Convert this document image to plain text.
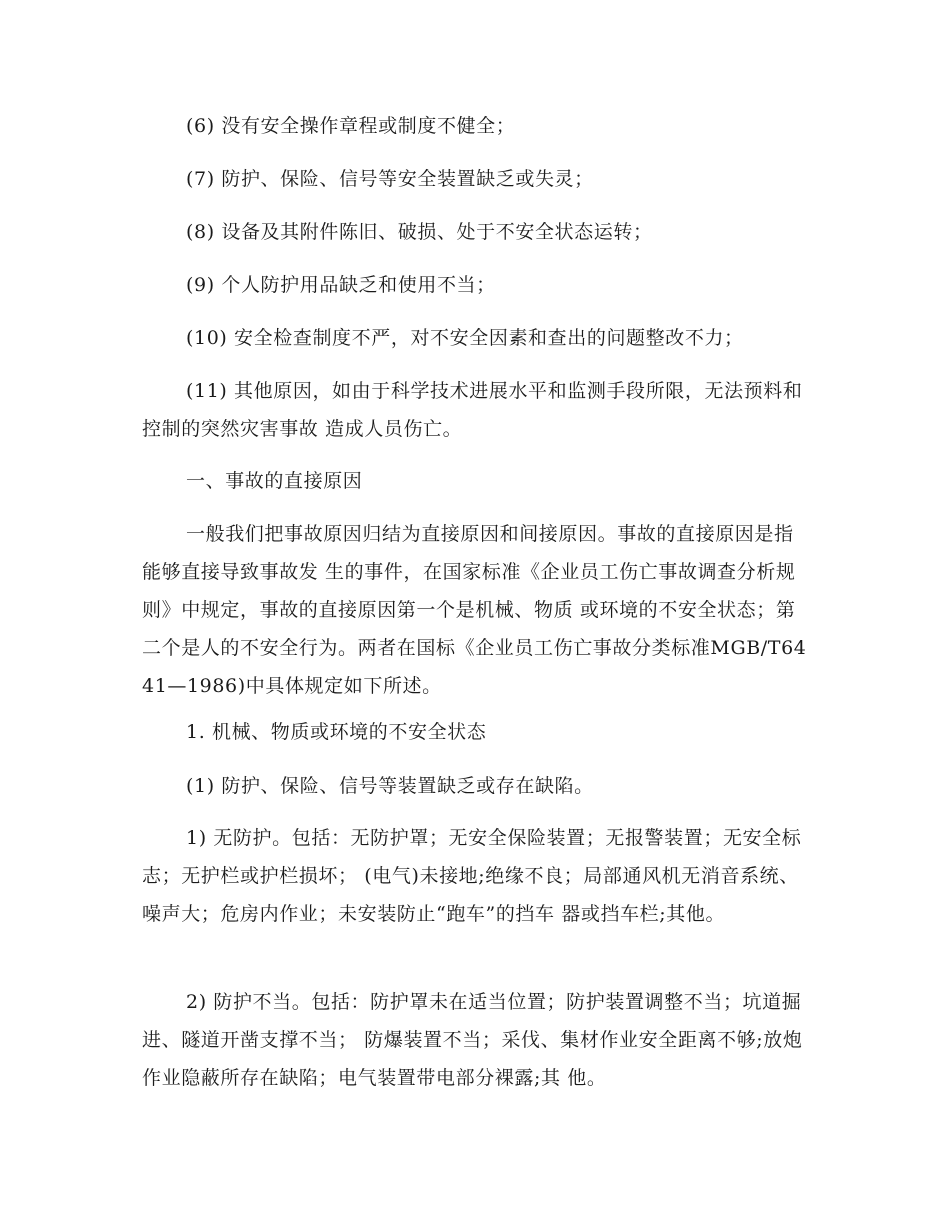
(6) 没有安全操作章程或制度不健全；

(7) 防护、保险、信号等安全装置缺乏或失灵；

(8) 设备及其附件陈旧、破损、处于不安全状态运转；

(9) 个人防护用品缺乏和使用不当；

(10) 安全检查制度不严，对不安全因素和查出的问题整改不力；

(11) 其他原因，如由于科学技术进展水平和监测手段所限，无法预料和控制的突然灾害事故 造成人员伤亡。

一、事故的直接原因

一般我们把事故原因归结为直接原因和间接原因。事故的直接原因是指能够直接导致事故发 生的事件，在国家标准《企业员工伤亡事故调查分析规则》中规定，事故的直接原因第一个是机械、物质 或环境的不安全状态；第二个是人的不安全行为。两者在国标《企业员工伤亡事故分类标准MGB/T6441—1986)中具体规定如下所述。

1. 机械、物质或环境的不安全状态

(1) 防护、保险、信号等装置缺乏或存在缺陷。

1) 无防护。包括：无防护罩；无安全保险装置；无报警装置；无安全标志；无护栏或护栏损坏； (电气)未接地;绝缘不良；局部通风机无消音系统、噪声大；危房内作业；未安装防止“跑车”的挡车 器或挡车栏;其他。

2) 防护不当。包括：防护罩未在适当位置；防护装置调整不当；坑道掘进、隧道开凿支撑不当； 防爆装置不当；采伐、集材作业安全距离不够;放炮作业隐蔽所存在缺陷；电气装置带电部分裸露;其 他。
